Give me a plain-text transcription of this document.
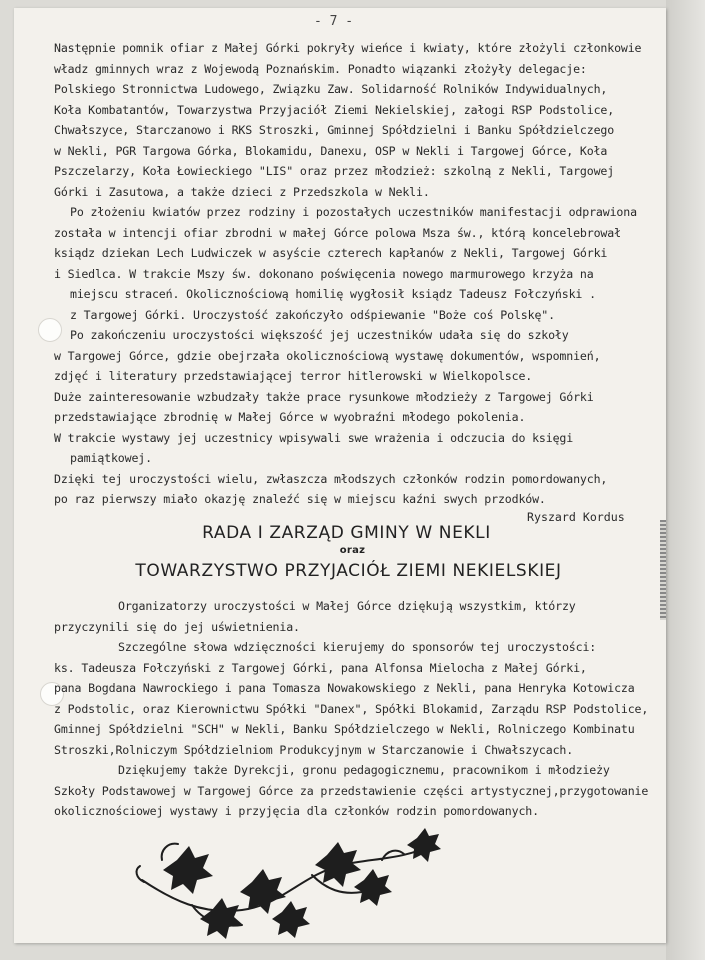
- 7 -
Następnie pomnik ofiar z Małej Górki pokryły wieńce i kwiaty, które złożyli członkowie
władz gminnych wraz z Wojewodą Poznańskim. Ponadto wiązanki złożyły delegacje:
Polskiego Stronnictwa Ludowego, Związku Zaw. Solidarność Rolników Indywidualnych,
Koła Kombatantów, Towarzystwa Przyjaciół Ziemi Nekielskiej, załogi RSP Podstolice,
Chwałszyce, Starczanowo i RKS Stroszki, Gminnej Spółdzielni i Banku Spółdzielczego
w Nekli, PGR Targowa Górka, Blokamidu, Danexu, OSP w Nekli i Targowej Górce, Koła
Pszczelarzy, Koła Łowieckiego "LIS" oraz przez młodzież: szkolną z Nekli, Targowej
Górki i Zasutowa, a także dzieci z Przedszkola w Nekli.
Po złożeniu kwiatów przez rodziny i pozostałych uczestników manifestacji odprawiona
została w intencji ofiar zbrodni w małej Górce polowa Msza św., którą koncelebrował
ksiądz dziekan Lech Ludwiczek w asyście czterech kapłanów z Nekli, Targowej Górki
i Siedlca. W trakcie Mszy św. dokonano poświęcenia nowego marmurowego krzyża na
miejscu straceń. Okolicznościową homilię wygłosił ksiądz Tadeusz Fołczyński .
z Targowej Górki. Uroczystość zakończyło odśpiewanie "Boże coś Polskę".
Po zakończeniu uroczystości większość jej uczestników udała się do szkoły
w Targowej Górce, gdzie obejrzała okolicznościową wystawę dokumentów, wspomnień,
zdjęć i literatury przedstawiającej terror hitlerowski w Wielkopolsce.
Duże zainteresowanie wzbudzały także prace rysunkowe młodzieży z Targowej Górki
przedstawiające zbrodnię w Małej Górce w wyobraźni młodego pokolenia.
W trakcie wystawy jej uczestnicy wpisywali swe wrażenia i odczucia do księgi
pamiątkowej.
Dzięki tej uroczystości wielu, zwłaszcza młodszych członków rodzin pomordowanych,
po raz pierwszy miało okazję znaleźć się w miejscu kaźni swych przodków.
Ryszard Kordus
RADA I ZARZĄD GMINY W NEKLI
oraz
TOWARZYSTWO PRZYJACIÓŁ ZIEMI NEKIELSKIEJ
Organizatorzy uroczystości w Małej Górce dziękują wszystkim, którzy
przyczynili się do jej uświetnienia.
Szczególne słowa wdzięczności kierujemy do sponsorów tej uroczystości:
ks. Tadeusza Fołczyński z Targowej Górki, pana Alfonsa Mielocha z Małej Górki,
pana Bogdana Nawrockiego i pana Tomasza Nowakowskiego z Nekli, pana Henryka Kotowicza
z Podstolic, oraz Kierownictwu Spółki "Danex", Spółki Blokamid, Zarządu RSP Podstolice,
Gminnej Spółdzielni "SCH" w Nekli, Banku Spółdzielczego w Nekli, Rolniczego Kombinatu
Stroszki,Rolniczym Spółdzielniom Produkcyjnym w Starczanowie i Chwałszycach.
Dziękujemy także Dyrekcji, gronu pedagogicznemu, pracownikom i młodzieży
Szkoły Podstawowej w Targowej Górce za przedstawienie części artystycznej,przygotowanie
okolicznościowej wystawy i przyjęcia dla członków rodzin pomordowanych.
